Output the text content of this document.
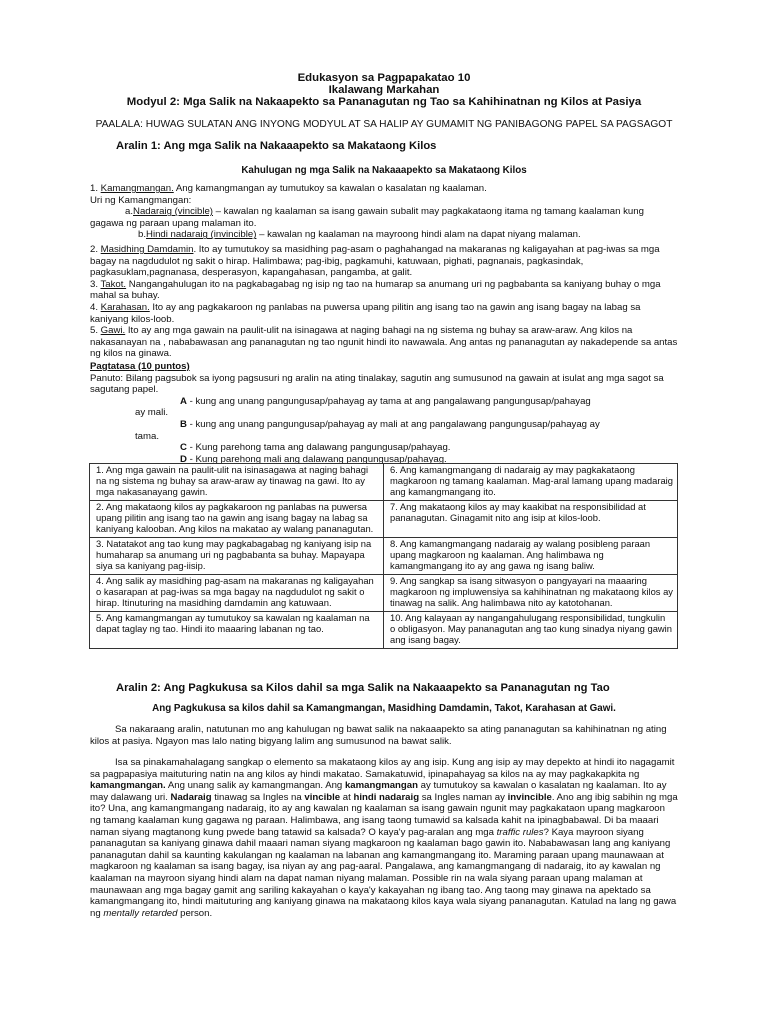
Edukasyon sa Pagpapakatao 10
Ikalawang Markahan
Modyul 2: Mga Salik na Nakaapekto sa Pananagutan ng Tao sa Kahihinatnan ng Kilos at Pasiya
PAALALA: HUWAG SULATAN ANG INYONG MODYUL AT SA HALIP AY GUMAMIT NG PANIBAGONG PAPEL SA PAGSAGOT
Aralin 1: Ang mga Salik na Nakaaapekto sa Makataong Kilos
Kahulugan ng mga Salik na Nakaaapekto sa Makataong Kilos

1. Kamangmangan. Ang kamangmangan ay tumutukoy sa kawalan o kasalatan ng kaalaman.

Uri ng Kamangmangan:

a.Nadaraig (vincible) – kawalan ng kaalaman sa isang gawain subalit may pagkakataong itama ng tamang kaalaman kung gagawa ng paraan upang malaman ito.

b.Hindi nadaraig (invincible) – kawalan ng kaalaman na mayroong hindi alam na dapat niyang malaman.

2. Masidhing Damdamin. Ito ay tumutukoy sa masidhing pag-asam o paghahangad na makaranas ng kaligayahan at pag-iwas sa mga bagay na nagdudulot ng sakit o hirap. Halimbawa; pag-ibig, pagkamuhi, katuwaan, pighati, pagnanais, pagkasindak, pagkasuklam,pagnanasa, desperasyon, kapangahasan, pangamba, at galit.

3. Takot. Nangangahulugan ito na pagkabagabag ng isip ng tao na humarap sa anumang uri ng pagbabanta sa kaniyang buhay o mga mahal sa buhay.

4. Karahasan. Ito ay ang pagkakaroon ng panlabas na puwersa upang pilitin ang isang tao na gawin ang isang bagay na labag sa kaniyang kilos-loob.

5. Gawi. Ito ay ang mga gawain na paulit-ulit na isinagawa at naging bahagi na ng sistema ng buhay sa araw-araw. Ang kilos na nakasanayan na , nababawasan ang pananagutan ng tao ngunit hindi ito nawawala. Ang antas ng pananagutan ay nakadepende sa antas ng kilos na ginawa.

Pagtatasa (10 puntos)

Panuto: Bilang pagsubok sa iyong pagsusuri ng aralin na ating tinalakay, sagutin ang sumusunod na gawain at isulat ang mga sagot sa sagutang papel.

A - kung ang unang pangungusap/pahayag ay tama at ang pangalawang pangungusap/pahayag

ay mali.

B - kung ang unang pangungusap/pahayag ay mali at ang pangalawang pangungusap/pahayag ay

tama.

C - Kung parehong tama ang dalawang pangungusap/pahayag.

D - Kung parehong mali ang dalawang pangungusap/pahayag.

1. Ang mga gawain na paulit-ulit na isinasagawa at naging bahagi na ng sistema ng buhay sa araw-araw ay tinawag na gawi. Ito ay mga nakasanayang gawin.	6. Ang kamangmangang di nadaraig ay may pagkakataong magkaroon ng tamang kaalaman. Mag-aral lamang upang madaraig ang kamangmangang ito.
2. Ang makataong kilos ay pagkakaroon ng panlabas na puwersa upang pilitin ang isang tao na gawin ang isang bagay na labag sa kaniyang kalooban. Ang kilos na makatao ay walang pananagutan.	7. Ang makataong kilos ay may kaakibat na responsibilidad at pananagutan. Ginagamit nito ang isip at kilos-loob.
3. Natatakot ang tao kung may pagkabagabag ng kaniyang isip na humaharap sa anumang uri ng pagbabanta sa buhay. Mapayapa siya sa kaniyang pag-iisip.	8. Ang kamangmangang nadaraig ay walang posibleng paraan upang magkaroon ng kaalaman. Ang halimbawa ng kamangmangang ito ay ang gawa ng isang baliw.
4. Ang salik ay masidhing pag-asam na makaranas ng kaligayahan o kasarapan at pag-iwas sa mga bagay na nagdudulot ng sakit o hirap. Itinuturing na masidhing damdamin ang katuwaan.	9. Ang sangkap sa isang sitwasyon o pangyayari na maaaring magkaroon ng impluwensiya sa kahihinatnan ng makataong kilos ay tinawag na salik. Ang halimbawa nito ay katotohanan.
5. Ang kamangmangan ay tumutukoy sa kawalan ng kaalaman na dapat taglay ng tao. Hindi ito maaaring labanan ng tao.	10. Ang kalayaan ay nangangahulugang responsibilidad, tungkulin o obligasyon. May pananagutan ang tao kung sinadya niyang gawin ang isang bagay.
Aralin 2: Ang Pagkukusa sa Kilos dahil sa mga Salik na Nakaaapekto sa Pananagutan ng Tao
Ang Pagkukusa sa kilos dahil sa Kamangmangan, Masidhing Damdamin, Takot, Karahasan at Gawi.

Sa nakaraang aralin, natutunan mo ang kahulugan ng bawat salik na nakaaapekto sa ating pananagutan sa kahihinatnan ng ating kilos at pasiya. Ngayon mas lalo nating bigyang lalim ang sumusunod na bawat salik.

Isa sa pinakamahalagang sangkap o elemento sa makataong kilos ay ang isip. Kung ang isip ay may depekto at hindi ito nagagamit sa pagpapasiya maituturing natin na ang kilos ay hindi makatao. Samakatuwid, ipinapahayag sa kilos na ay may pagkakapkita ng kamangmangan. Ang unang salik ay kamangmangan. Ang kamangmangan ay tumutukoy sa kawalan o kasalatan ng kaalaman. Ito ay may dalawang uri. Nadaraig tinawag sa Ingles na vincible at hindi nadaraig sa Ingles naman ay invincible. Ano ang ibig sabihin ng mga ito? Una, ang kamangmangang nadaraig, ito ay ang kawalan ng kaalaman sa isang gawain ngunit may pagkakataon upang magkaroon ng tamang kaalaman kung gagawa ng paraan. Halimbawa, ang isang taong tumawid sa kalsada kahit na ipinagbabawal. Di ba maaari naman siyang magtanong kung pwede bang tatawid sa kalsada? O kaya'y pag-aralan ang mga traffic rules? Kaya mayroon siyang pananagutan sa kaniyang ginawa dahil maaari naman siyang magkaroon ng kaalaman bago gawin ito. Nababawasan lang ang kaniyang pananagutan dahil sa kaunting kakulangan ng kaalaman na labanan ang kamangmangang ito. Maraming paraan upang maunawaan at magkaroon ng kaalaman sa isang bagay, isa niyan ay ang pag-aaral. Pangalawa, ang kamangmangang di nadaraig, ito ay kawalan ng kaalaman na mayroon siyang hindi alam na dapat naman niyang malaman. Possible rin na wala siyang paraan upang malaman at maunawaan ang mga bagay gamit ang sariling kakayahan o kaya'y kakayahan ng ibang tao. Ang taong may ginawa na apektado sa kamangmangang ito, hindi maituturing ang kaniyang ginawa na makataong kilos kaya wala siyang pananagutan. Katulad na lang ng gawa ng mentally retarded person.
